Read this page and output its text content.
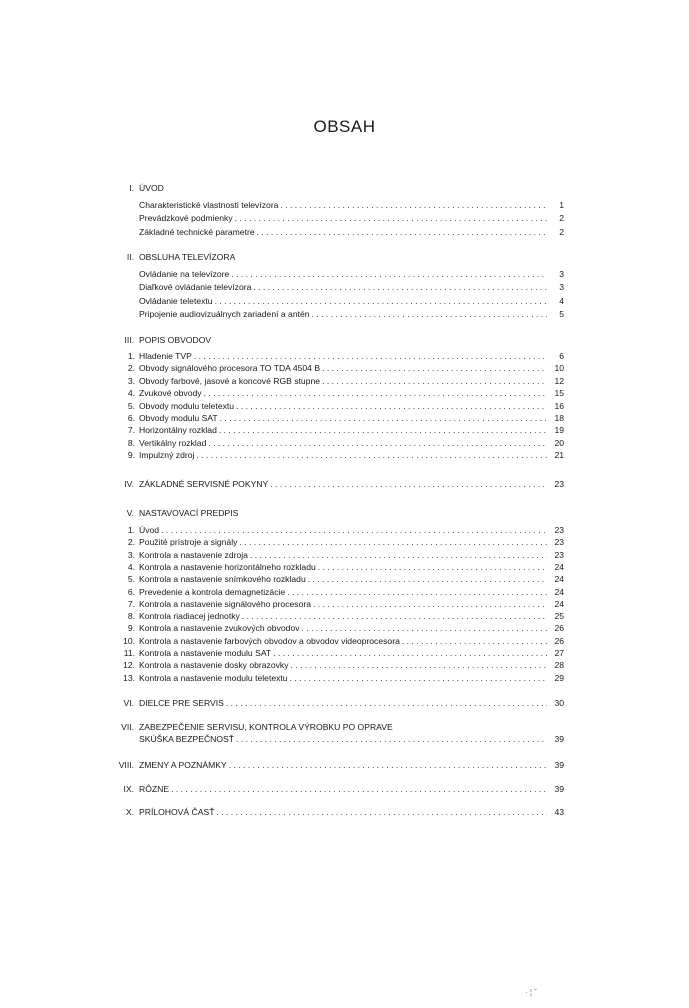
OBSAH
I. ÚVOD
Charakteristické vlastnosti televízora . . .	1
Prevádzkové podmienky . . .	2
Základné technické parametre . . .	2
II. OBSLUHA TELEVÍZORA
Ovládanie na televízore . . .	3
Diaľkové ovládanie televízora . . .	3
Ovládanie teletextu . . .	4
Pripojenie audiovizuálnych zariadení a antén . . .	5
III. POPIS OBVODOV
1. Hladenie TVP . . .	6
2. Obvody signálového procesora TO TDA 4504 B . . .	10
3. Obvody farbové, jasové a koncové RGB stupne . . .	12
4. Zvukové obvody . . .	15
5. Obvody modulu teletextu . . .	16
6. Obvody modulu SAT . . .	18
7. Horizontálny rozklad . . .	19
8. Vertikálny rozklad . . .	20
9. Impulzný zdroj . . .	21
IV. ZÁKLADNÉ SERVISNÉ POKYNY . . .	23
V. NASTAVOVACÍ PREDPIS
1. Úvod . . .	23
2. Použité prístroje a signály . . .	23
3. Kontrola a nastavenie zdroja . . .	23
4. Kontrola a nastavenie horizontálneho rozkladu . . .	24
5. Kontrola a nastavenie snímkového rozkladu . . .	24
6. Prevedenie a kontrola demagnetizácie . . .	24
7. Kontrola a nastavenie signálového procesora . . .	24
8. Kontrola riadiacej jednotky . . .	25
9. Kontrola a nastavenie zvukových obvodov . . .	26
10. Kontrola a nastavenie farbových obvodov a obvodov videoprocesora . . .	26
11. Kontrola a nastavenie modulu SAT . . .	27
12. Kontrola a nastavenie dosky obrazovky . . .	28
13. Kontrola a nastavenie modulu teletextu . . .	29
VI. DIELCE PRE SERVIS . . .	30
VII. ZABEZPEČENIE SERVISU, KONTROLA VÝROBKU PO OPRAVE
SKÚŠKA BEZPEČNOSŤ . . .	39
VIII. ZMENY A POZNÁMKY . . .	39
IX. RÔZNE . . .	39
X. PRÍLOHOVÁ ČASŤ . . .	43
· ¦ ˇ
